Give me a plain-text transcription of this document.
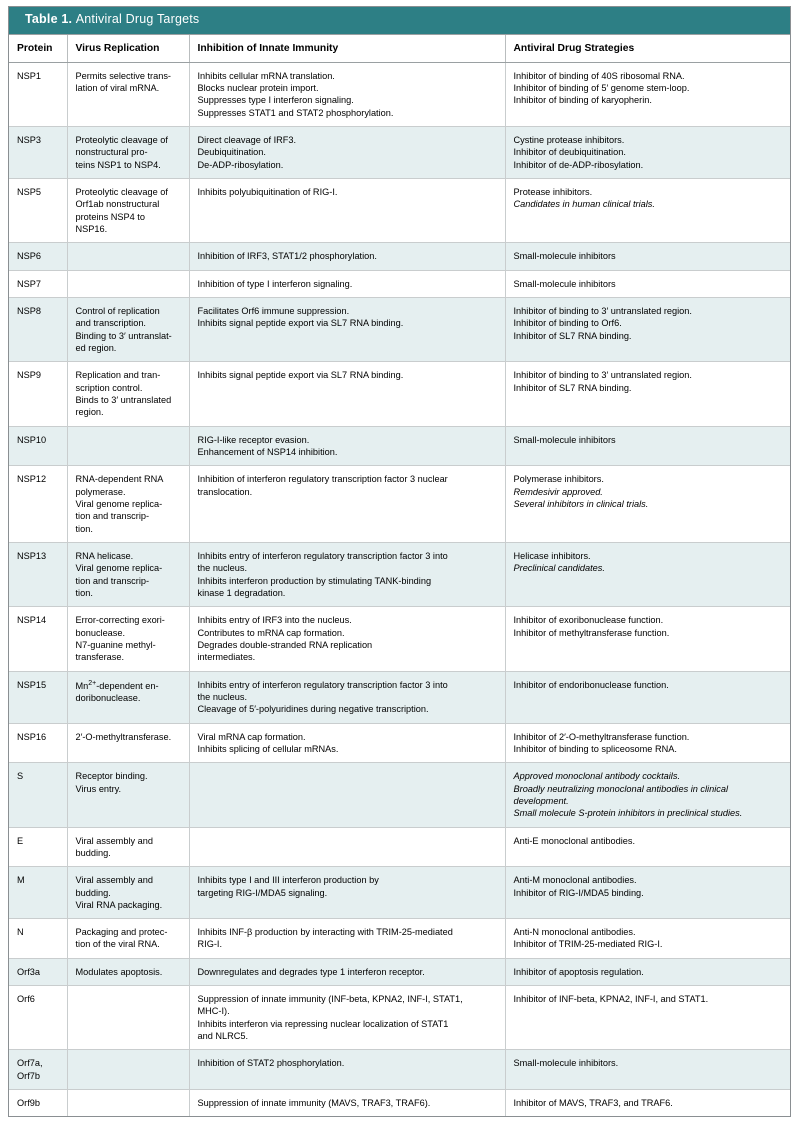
Table 1. Antiviral Drug Targets
Protein	Virus Replication	Inhibition of Innate Immunity	Antiviral Drug Strategies

NSP1	Permits selective trans-
lation of viral mRNA.	Inhibits cellular mRNA translation.
Blocks nuclear protein import.
Suppresses type I interferon signaling.
Suppresses STAT1 and STAT2 phosphorylation.	Inhibitor of binding of 40S ribosomal RNA.
Inhibitor of binding of 5′ genome stem-loop.
Inhibitor of binding of karyopherin.

NSP3	Proteolytic cleavage of
nonstructural pro-
teins NSP1 to NSP4.	Direct cleavage of IRF3.
Deubiquitination.
De-ADP-ribosylation.	Cystine protease inhibitors.
Inhibitor of deubiquitination.
Inhibitor of de-ADP-ribosylation.

NSP5	Proteolytic cleavage of
Orf1ab nonstructural
proteins NSP4 to
NSP16.	Inhibits polyubiquitination of RIG-I.	Protease inhibitors.
Candidates in human clinical trials.

NSP6		Inhibition of IRF3, STAT1/2 phosphorylation.	Small-molecule inhibitors

NSP7		Inhibition of type I interferon signaling.	Small-molecule inhibitors

NSP8	Control of replication
and transcription.
Binding to 3′ untranslat-
ed region.	Facilitates Orf6 immune suppression.
Inhibits signal peptide export via SL7 RNA binding.	Inhibitor of binding to 3′ untranslated region.
Inhibitor of binding to Orf6.
Inhibitor of SL7 RNA binding.

NSP9	Replication and tran-
scription control.
Binds to 3′ untranslated
region.	Inhibits signal peptide export via SL7 RNA binding.	Inhibitor of binding to 3′ untranslated region.
Inhibitor of SL7 RNA binding.

NSP10		RIG-I-like receptor evasion.
Enhancement of NSP14 inhibition.	Small-molecule inhibitors

NSP12	RNA-dependent RNA
polymerase.
Viral genome replica-
tion and transcrip-
tion.	Inhibition of interferon regulatory transcription factor 3 nuclear
translocation.	Polymerase inhibitors.
Remdesivir approved.
Several inhibitors in clinical trials.

NSP13	RNA helicase.
Viral genome replica-
tion and transcrip-
tion.	Inhibits entry of interferon regulatory transcription factor 3 into
the nucleus.
Inhibits interferon production by stimulating TANK-binding
kinase 1 degradation.	Helicase inhibitors.
Preclinical candidates.

NSP14	Error-correcting exori-
bonuclease.
N7-guanine methyl-
transferase.	Inhibits entry of IRF3 into the nucleus.
Contributes to mRNA cap formation.
Degrades double-stranded RNA replication
intermediates.	Inhibitor of exoribonuclease function.
Inhibitor of methyltransferase function.

NSP15	$Mn^{2+}$-dependent en-
doribonuclease.	Inhibits entry of interferon regulatory transcription factor 3 into
the nucleus.
Cleavage of 5′-polyuridines during negative transcription.	Inhibitor of endoribonuclease function.

NSP16	2′-O-methyltransferase.	Viral mRNA cap formation.
Inhibits splicing of cellular mRNAs.	Inhibitor of 2′-O-methyltransferase function.
Inhibitor of binding to spliceosome RNA.

S	Receptor binding.
Virus entry.		Approved monoclonal antibody cocktails.
Broadly neutralizing monoclonal antibodies in clinical
development.
Small molecule S-protein inhibitors in preclinical studies.

E	Viral assembly and
budding.		Anti-E monoclonal antibodies.

M	Viral assembly and
budding.
Viral RNA packaging.	Inhibits type I and III interferon production by
targeting RIG-I/MDA5 signaling.	Anti-M monoclonal antibodies.
Inhibitor of RIG-I/MDA5 binding.

N	Packaging and protec-
tion of the viral RNA.	Inhibits INF-β production by interacting with TRIM-25-mediated
RIG-I.	Anti-N monoclonal antibodies.
Inhibitor of TRIM-25-mediated RIG-I.

Orf3a	Modulates apoptosis.	Downregulates and degrades type 1 interferon receptor.	Inhibitor of apoptosis regulation.

Orf6		Suppression of innate immunity (INF-beta, KPNA2, INF-I, STAT1,
MHC-I).
Inhibits interferon via repressing nuclear localization of STAT1
and NLRC5.	Inhibitor of INF-beta, KPNA2, INF-I, and STAT1.

Orf7a,
Orf7b		Inhibition of STAT2 phosphorylation.	Small-molecule inhibitors.

Orf9b		Suppression of innate immunity (MAVS, TRAF3, TRAF6).	Inhibitor of MAVS, TRAF3, and TRAF6.
